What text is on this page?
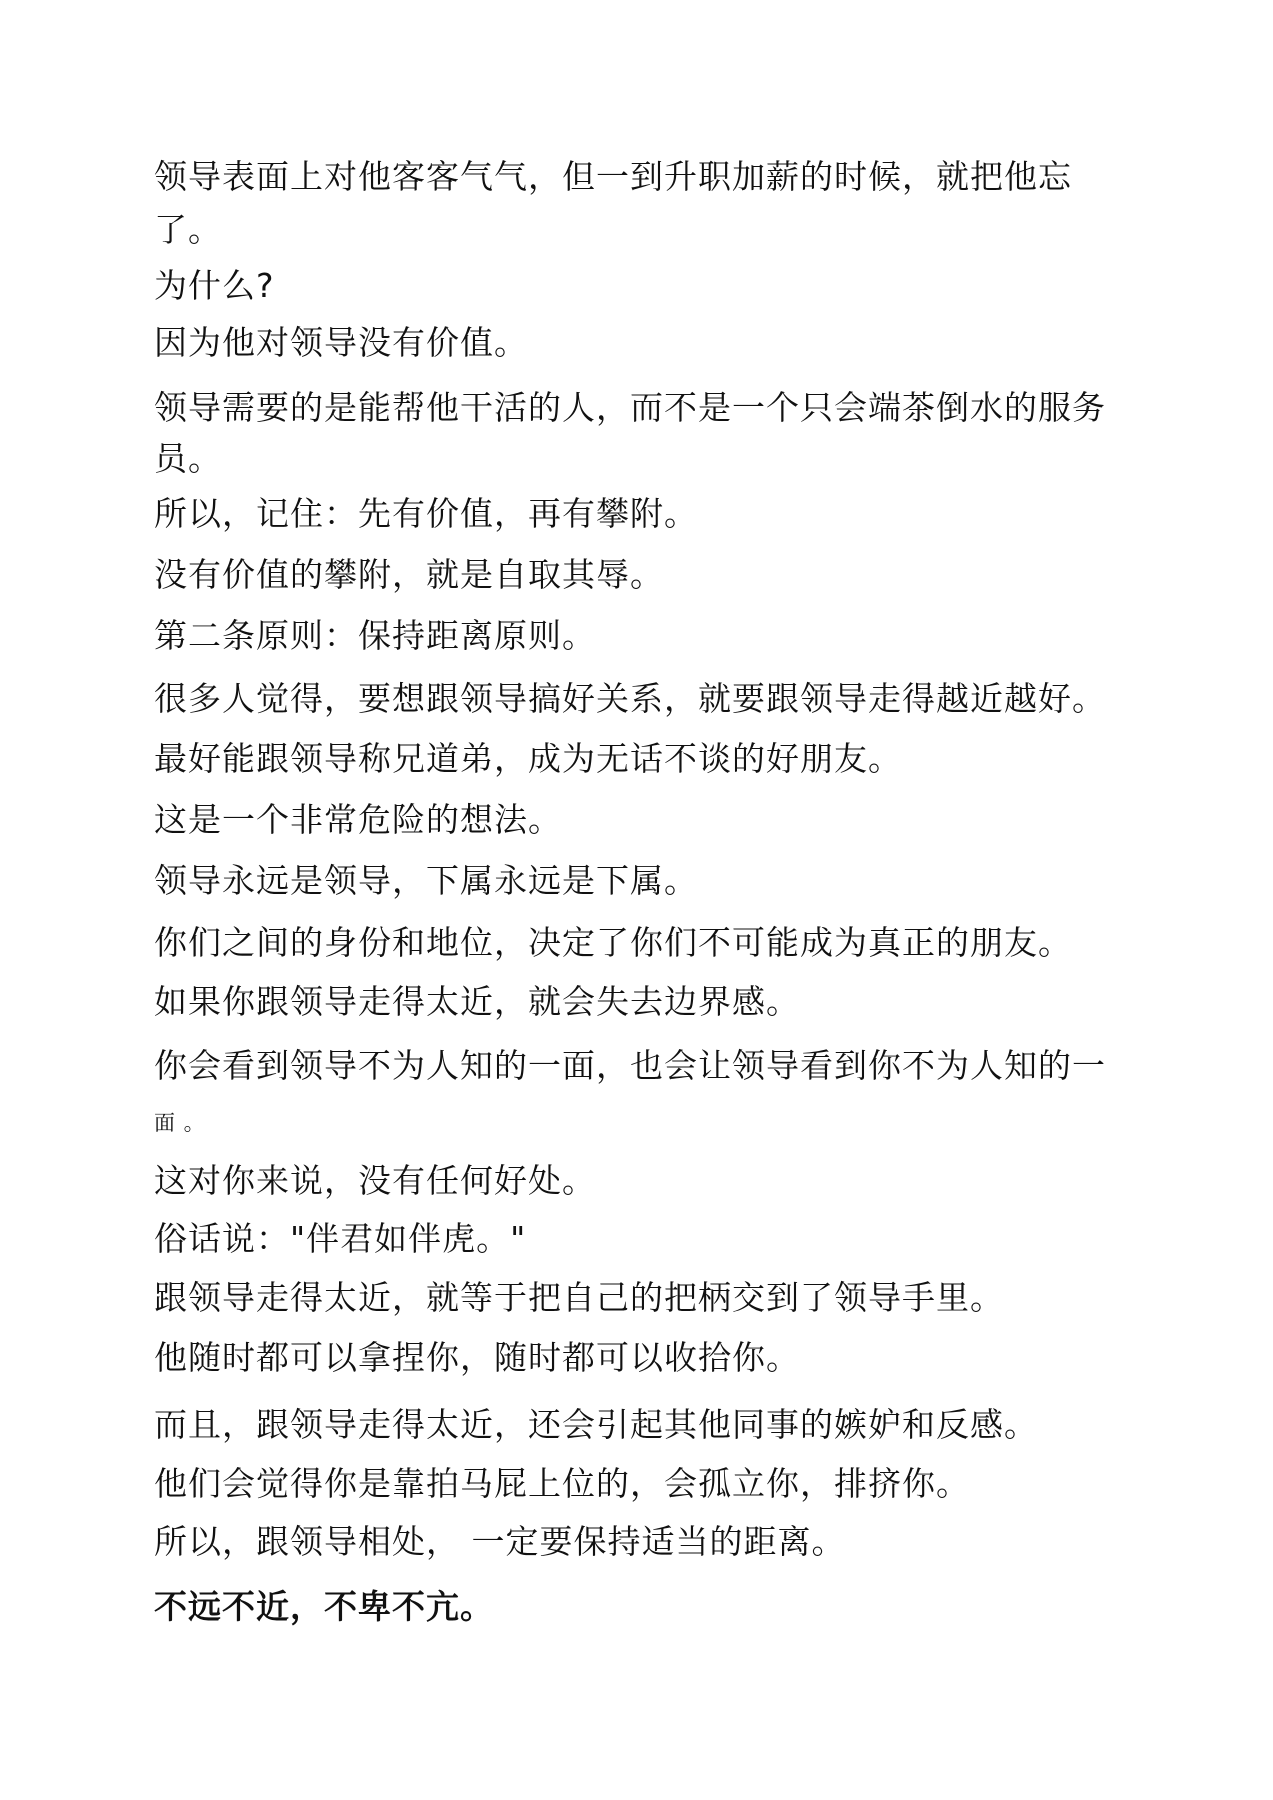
领导表面上对他客客气气，但一到升职加薪的时候，就把他忘
了。
为什么?
因为他对领导没有价值。
领导需要的是能帮他干活的人，而不是一个只会端茶倒水的服务
员。
所以，记住：先有价值，再有攀附。
没有价值的攀附，就是自取其辱。
第二条原则：保持距离原则。
很多人觉得，要想跟领导搞好关系，就要跟领导走得越近越好。
最好能跟领导称兄道弟，成为无话不谈的好朋友。
这是一个非常危险的想法。
领导永远是领导，下属永远是下属。
你们之间的身份和地位，决定了你们不可能成为真正的朋友。
如果你跟领导走得太近，就会失去边界感。
你会看到领导不为人知的一面，也会让领导看到你不为人知的一
面 。
这对你来说，没有任何好处。
俗话说："伴君如伴虎。"
跟领导走得太近，就等于把自己的把柄交到了领导手里。
他随时都可以拿捏你，随时都可以收拾你。
而且，跟领导走得太近，还会引起其他同事的嫉妒和反感。
他们会觉得你是靠拍马屁上位的，会孤立你，排挤你。
所以，跟领导相处， 一定要保持适当的距离。
不远不近，不卑不亢。
